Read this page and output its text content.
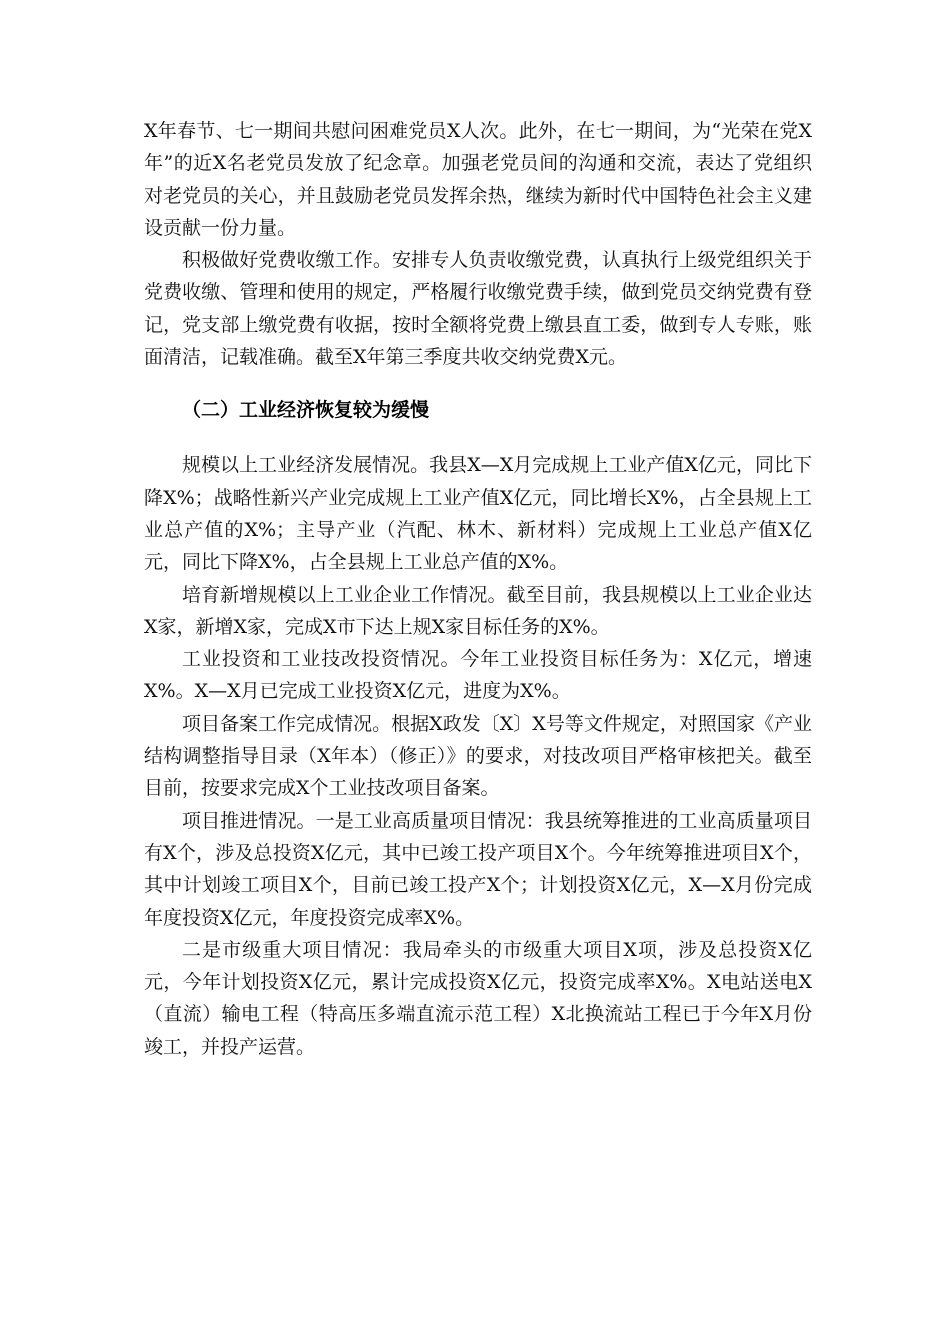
X年春节、七一期间共慰问困难党员X人次。此外，在七一期间，为“光荣在党X年”的近X名老党员发放了纪念章。加强老党员间的沟通和交流，表达了党组织对老党员的关心，并且鼓励老党员发挥余热，继续为新时代中国特色社会主义建设贡献一份力量。

积极做好党费收缴工作。安排专人负责收缴党费，认真执行上级党组织关于党费收缴、管理和使用的规定，严格履行收缴党费手续，做到党员交纳党费有登记，党支部上缴党费有收据，按时全额将党费上缴县直工委，做到专人专账，账面清洁，记载准确。截至X年第三季度共收交纳党费X元。

（二）工业经济恢复较为缓慢

规模以上工业经济发展情况。我县X—X月完成规上工业产值X亿元，同比下降X%；战略性新兴产业完成规上工业产值X亿元，同比增长X%，占全县规上工业总产值的X%；主导产业（汽配、林木、新材料）完成规上工业总产值X亿元，同比下降X%，占全县规上工业总产值的X%。

培育新增规模以上工业企业工作情况。截至目前，我县规模以上工业企业达X家，新增X家，完成X市下达上规X家目标任务的X%。

工业投资和工业技改投资情况。今年工业投资目标任务为：X亿元，增速X%。X—X月已完成工业投资X亿元，进度为X%。

项目备案工作完成情况。根据X政发〔X〕X号等文件规定，对照国家《产业结构调整指导目录（X年本）（修正）》的要求，对技改项目严格审核把关。截至目前，按要求完成X个工业技改项目备案。

项目推进情况。一是工业高质量项目情况：我县统筹推进的工业高质量项目有X个，涉及总投资X亿元，其中已竣工投产项目X个。今年统筹推进项目X个，其中计划竣工项目X个，目前已竣工投产X个；计划投资X亿元，X—X月份完成年度投资X亿元，年度投资完成率X%。

二是市级重大项目情况：我局牵头的市级重大项目X项，涉及总投资X亿元，今年计划投资X亿元，累计完成投资X亿元，投资完成率X%。X电站送电X（直流）输电工程（特高压多端直流示范工程）X北换流站工程已于今年X月份竣工，并投产运营。
